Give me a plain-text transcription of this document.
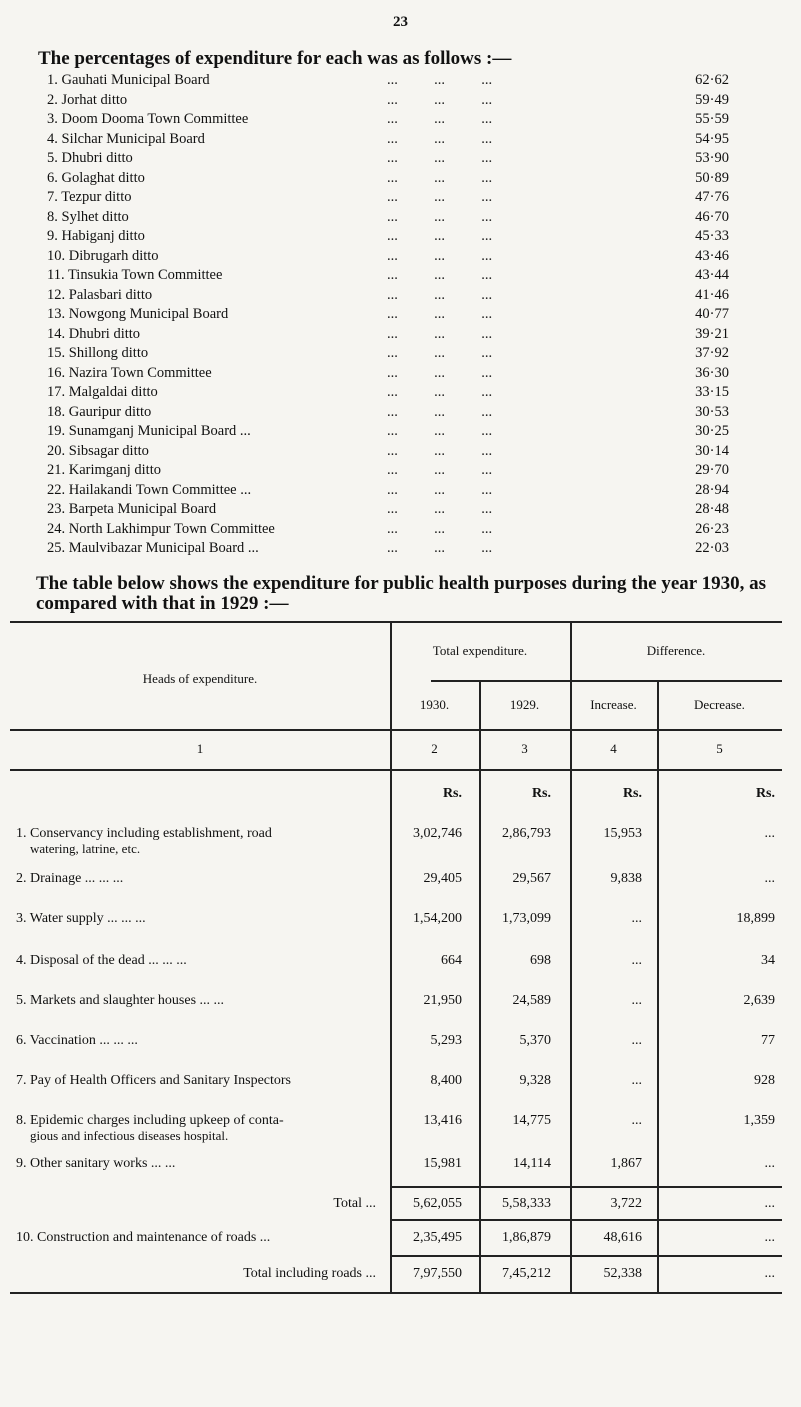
23
The percentages of expenditure for each was as follows :—
1. Gauhati Municipal Board	...          ...          ...	62·62
2. Jorhat ditto	...          ...          ...	59·49
3. Doom Dooma Town Committee	...          ...          ...	55·59
4. Silchar Municipal Board	...          ...          ...	54·95
5. Dhubri ditto	...          ...          ...	53·90
6. Golaghat ditto	...          ...          ...	50·89
7. Tezpur ditto	...          ...          ...	47·76
8. Sylhet ditto	...          ...          ...	46·70
9. Habiganj ditto	...          ...          ...	45·33
10. Dibrugarh ditto	...          ...          ...	43·46
11. Tinsukia Town Committee	...          ...          ...	43·44
12. Palasbari ditto	...          ...          ...	41·46
13. Nowgong Municipal Board	...          ...          ...	40·77
14. Dhubri ditto	...          ...          ...	39·21
15. Shillong ditto	...          ...          ...	37·92
16. Nazira Town Committee	...          ...          ...	36·30
17. Malgaldai ditto	...          ...          ...	33·15
18. Gauripur ditto	...          ...          ...	30·53
19. Sunamganj Municipal Board ...	...          ...          ...	30·25
20. Sibsagar ditto	...          ...          ...	30·14
21. Karimganj ditto	...          ...          ...	29·70
22. Hailakandi Town Committee ...	...          ...          ...	28·94
23. Barpeta Municipal Board	...          ...          ...	28·48
24. North Lakhimpur Town Committee	...          ...          ...	26·23
25. Maulvibazar Municipal Board ...	...          ...          ...	22·03
The table below shows the expenditure for public health purposes during the year 1930, as compared with that in 1929 :—
Heads of expenditure.
Total expenditure.	Difference.
1930.	1929.	Increase.	Decrease.
1	2	3	4	5
Rs.	Rs.	Rs.	Rs.
1. Conservancy including establishment, road	3,02,746	2,86,793	15,953	...
watering, latrine, etc.
2. Drainage ... ... ...	29,405	29,567	9,838	...
3. Water supply ... ... ...	1,54,200	1,73,099	...	18,899
4. Disposal of the dead ... ... ...	664	698	...	34
5. Markets and slaughter houses ... ...	21,950	24,589	...	2,639
6. Vaccination ... ... ...	5,293	5,370	...	77
7. Pay of Health Officers and Sanitary Inspectors	8,400	9,328	...	928
8. Epidemic charges including upkeep of conta-	13,416	14,775	...	1,359
gious and infectious diseases hospital.
9. Other sanitary works ... ...	15,981	14,114	1,867	...
Total ...	5,62,055	5,58,333	3,722	...
10. Construction and maintenance of roads ...	2,35,495	1,86,879	48,616	...
Total including roads ...	7,97,550	7,45,212	52,338	...
